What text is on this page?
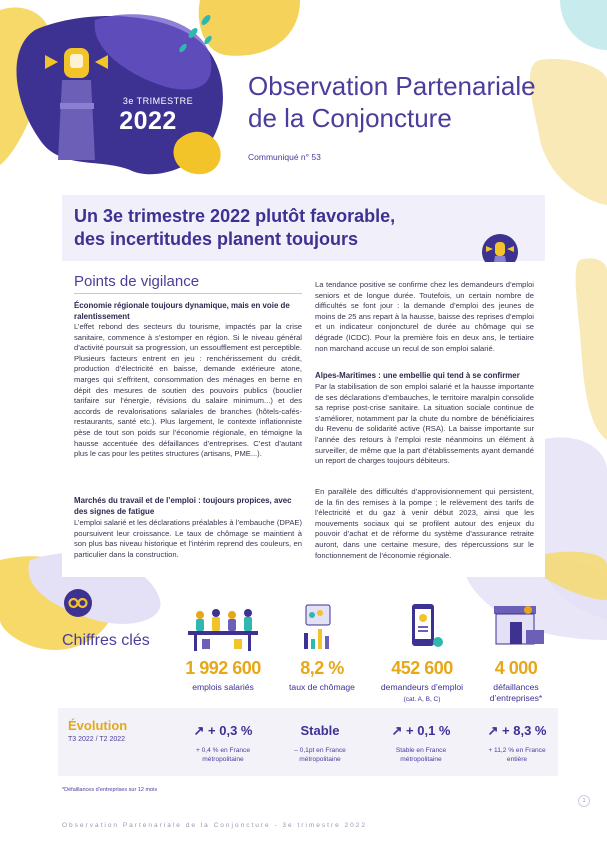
3e TRIMESTRE
2022
Observation Partenariale
de la Conjoncture
Communiqué n° 53
Un 3e trimestre 2022 plutôt favorable,
des incertitudes planent toujours
Points de vigilance
Économie régionale toujours dynamique, mais en voie de ralentissement
L’effet rebond des secteurs du tourisme, impactés par la crise sanitaire, commence à s’estomper en région. Si le niveau général d’activité poursuit sa progression, un essoufflement est perceptible. Plusieurs facteurs entrent en jeu : renchérissement du crédit, production d’électricité en baisse, demande extérieure atone, marges qui s’effritent, consommation des ménages en berne en dépit des mesures de soutien des pouvoirs publics (bouclier tarifaire sur l’énergie, révisions du salaire minimum...) et des accords de revalorisations salariales de branches (hôtels-cafés-restaurants, santé etc.). Plus largement, le contexte inflationniste pèse de tout son poids sur l’économie régionale, en témoigne la hausse accentuée des défaillances d’entreprises. C’est d’autant plus le cas pour les petites structures (artisans, PME...).
Marchés du travail et de l’emploi : toujours propices, avec des signes de fatigue
L’emploi salarié et les déclarations préalables à l’embauche (DPAE) poursuivent leur croissance. Le taux de chômage se maintient à son plus bas niveau historique et l’intérim reprend des couleurs, en particulier dans la construction.
La tendance positive se confirme chez les demandeurs d’emploi seniors et de longue durée. Toutefois, un certain nombre de difficultés se font jour : la demande d’emploi des jeunes de moins de 25 ans repart à la hausse, baisse des reprises d’emploi et un indicateur conjoncturel de durée au chômage qui se dégrade (ICDC). Pour la première fois en deux ans, le tertiaire non marchand accuse un recul de son emploi salarié.
Alpes-Maritimes : une embellie qui tend à se confirmer
Par la stabilisation de son emploi salarié et la hausse importante de ses déclarations d’embauches, le territoire maralpin consolide sa reprise post-crise sanitaire. La situation sociale continue de s’améliorer, notamment par la chute du nombre de bénéficiaires du Revenu de solidarité active (RSA). La baisse importante sur l’année des retours à l’emploi reste néanmoins un élément à surveiller, de même que la part d’établissements ayant demandé un report de charges toujours débiteurs.
En parallèle des difficultés d’approvisionnement qui persistent, de la fin des remises à la pompe ; le relèvement des tarifs de l’électricité et du gaz à venir début 2023, ainsi que les mouvements sociaux qui se profilent autour des enjeux du pouvoir d’achat et de réforme du système d’assurance retraite auront, dans une certaine mesure, des répercussions sur le fonctionnement de l’économie régionale.
Chiffres clés
1 992 600
emplois salariés
8,2 %
taux de chômage
452 600
demandeurs d’emploi
(cat. A, B, C)
4 000
défaillances d’entreprises*
Évolution
T3 2022 / T2 2022
↗ + 0,3 %
+ 0,4 % en France
métropolitaine
Stable
– 0,1pt en France
métropolitaine
↗ + 0,1 %
Stable en France
métropolitaine
↗ + 8,3 %
+ 11,2 % en France
entière
*Défaillances d’entreprises sur 12 mois
1
Observation Partenariale de la Conjoncture - 3e trimestre 2022
